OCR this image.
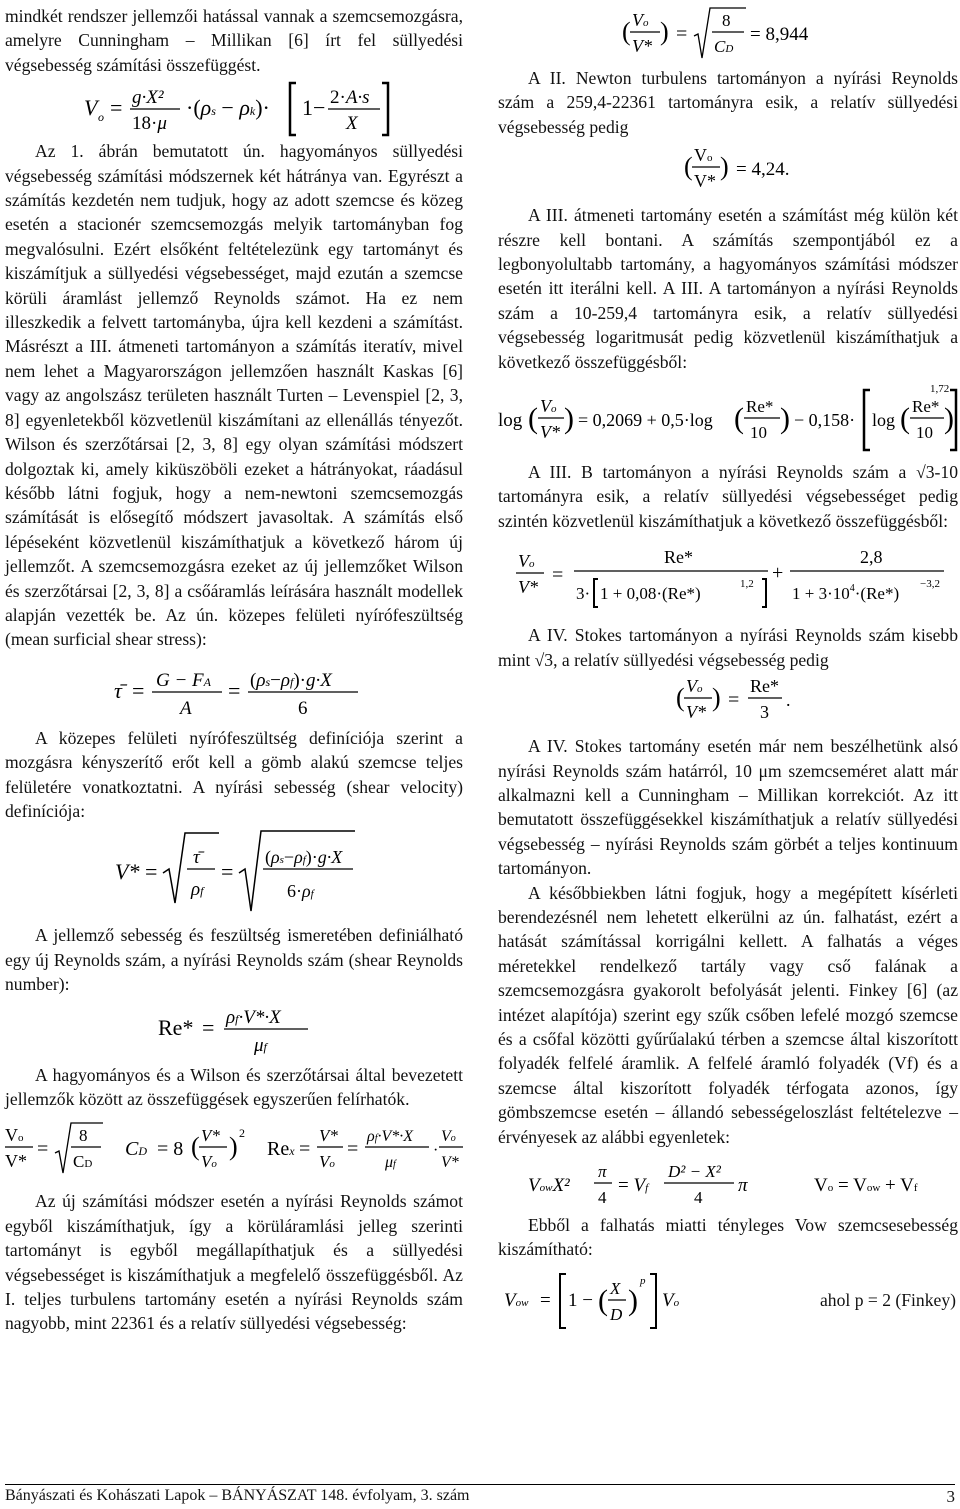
mindkét rendszer jellemzői hatással vannak a szemcsemozgásra, amelyre Cunningham – Millikan [6] írt fel süllyedési végsebesség számítási összefüggést.

V o = g·X²
18·μ
·(ρs − ρk)· 1− 2·A·s
X

Az 1. ábrán bemutatott ún. hagyományos süllyedési végsebesség számítási módszernek két hátránya van. Egyrészt a számítás kezdetén nem tudjuk, hogy az adott szemcse és közeg esetén a stacionér szemcsemozgás melyik tartományban fog megvalósulni. Ezért elsőként feltételezünk egy tartományt és kiszámítjuk a süllyedési végsebességet, majd ezután a szemcse körüli áramlást jellemző Reynolds számot. Ha ez nem illeszkedik a felvett tartományba, újra kell kezdeni a számítást. Másrészt a III. átmeneti tartományon a számítás iteratív, mivel nem lehet a Magyarországon jellemzően használt Kaskas [6] vagy az angolszász területen használt Turten – Levenspiel [2, 3, 8] egyenletekből közvetlenül kiszámítani az ellenállás tényezőt. Wilson és szerzőtársai [2, 3, 8] egy olyan számítási módszert dolgoztak ki, amely kiküszöböli ezeket a hátrányokat, ráadásul később látni fogjuk, hogy a nem-newtoni szemcsemozgás számítását is elősegítő módszert javasoltak. A számítás első lépéseként közvetlenül kiszámíthatjuk a következő három új jellemzőt. A szemcsemozgásra ezeket az új jellemzőket Wilson és szerzőtársai [2, 3, 8] a csőáramlás leírására használt modellek alapján vezették be. Az ún. közepes felületi nyírófeszültség (mean surficial shear stress):

τ̄ = G − FA
A
= (ρs−ρf)·g·X
6

A közepes felületi nyírófeszültség definíciója szerint a mozgásra kényszerítő erőt kell a gömb alakú szemcse teljes felületére vonatkoztatni. A nyírási sebesség (shear velocity) definíciója:

V* =
τ̄
ρf
=
(ρs−ρf)·g·X
6·ρf

A jellemző sebesség és feszültség ismeretében definiálható egy új Reynolds szám, a nyírási Reynolds szám (shear Reynolds number):

Re* = ρf·V*·X
μf

A hagyományos és a Wilson és szerzőtársai által bevezetett jellemzők között az összefüggések egyszerűen felírhatók.

Vo
V*
=
8
CD
CD = 8 ( V*
Vo
) 2
Rex =
V*
Vo
=
ρf·V*·X
μf
·
Vo
V*

Az új számítási módszer esetén a nyírási Reynolds számot egyből kiszámíthatjuk, így a körüláramlási jelleg szerinti tartományt is egyből megállapíthatjuk és a süllyedési végsebességet is kiszámíthatjuk a megfelelő összefüggésből. Az I. teljes turbulens tartomány esetén a nyírási Reynolds szám nagyobb, mint 22361 és a relatív süllyedési végsebesség:

( Vo
V* ) =
8
CD
= 8,944

A II. Newton turbulens tartományon a nyírási Reynolds szám a 259,4-22361 tartományra esik, a relatív süllyedési végsebesség pedig

( Vo
V* ) = 4,24.

A III. átmeneti tartomány esetén a számítást még külön két részre kell bontani. A számítás szempontjából ez a legbonyolultabb tartomány, a hagyományos számítási módszer esetén itt iterálni kell. A III. A tartományon a nyírási Reynolds szám a 10-259,4 tartományra esik, a relatív süllyedési végsebesség logaritmusát pedig közvetlenül kiszámíthatjuk a következő összefüggésből:

log ( Vo
V* ) = 0,2069 + 0,5·log ( Re*
10 ) − 0,158· log ( Re*
10 )
1,72

A III. B tartományon a nyírási Reynolds szám a √3-10 tartományra esik, a relatív süllyedési végsebességet pedig szintén közvetlenül kiszámíthatjuk a következő összefüggésből:

Vo
V*
=
Re*
3· 1 + 0,08·(Re*)	1,2 +
2,8
$1 + 3\cdot 10^4\cdot(Re*) -3,2$

A IV. Stokes tartományon a nyírási Reynolds szám kisebb mint √3, a relatív süllyedési végsebesség pedig

( Vo
V* ) =
Re*
3
.

A IV. Stokes tartomány esetén már nem beszélhetünk alsó nyírási Reynolds szám határról, 10 μm szemcseméret alatt már alkalmazni kell a Cunningham – Millikan korrekciót. Az itt bemutatott összefüggésekkel kiszámíthatjuk a relatív süllyedési végsebesség – nyírási Reynolds szám görbét a teljes kontinuum tartományon.

A későbbiekben látni fogjuk, hogy a megépített kísérleti berendezésnél nem lehetett elkerülni az ún. falhatást, ezért a hatását számítással korrigálni kellett. A falhatás a véges méretekkel rendelkező tartály vagy cső falának a szemcsemozgásra gyakorolt befolyását jelenti. Finkey [6] (az intézet alapítója) szerint egy szűk csőben lefelé mozgó szemcse és a csőfal közötti gyűrűalakú térben a szemcse által kiszorított folyadék felfelé áramlik. A felfelé áramló folyadék (Vf) és a szemcse által kiszorított folyadék térfogata azonos, így gömbszemcse esetén – állandó sebességeloszlást feltételezve – érvényesek az alábbi egyenletek:

VowX²
π
4
= Vf
D² − X²
4
π	Vo = Vow + Vf

Ebből a falhatás miatti tényleges Vow szemcsesebesség kiszámítható:

Vow = 1 − ( X
D )
p
Vo	ahol p = 2 (Finkey)
Bányászati és Kohászati Lapok – BÁNYÁSZAT 148. évfolyam, 3. szám	3
